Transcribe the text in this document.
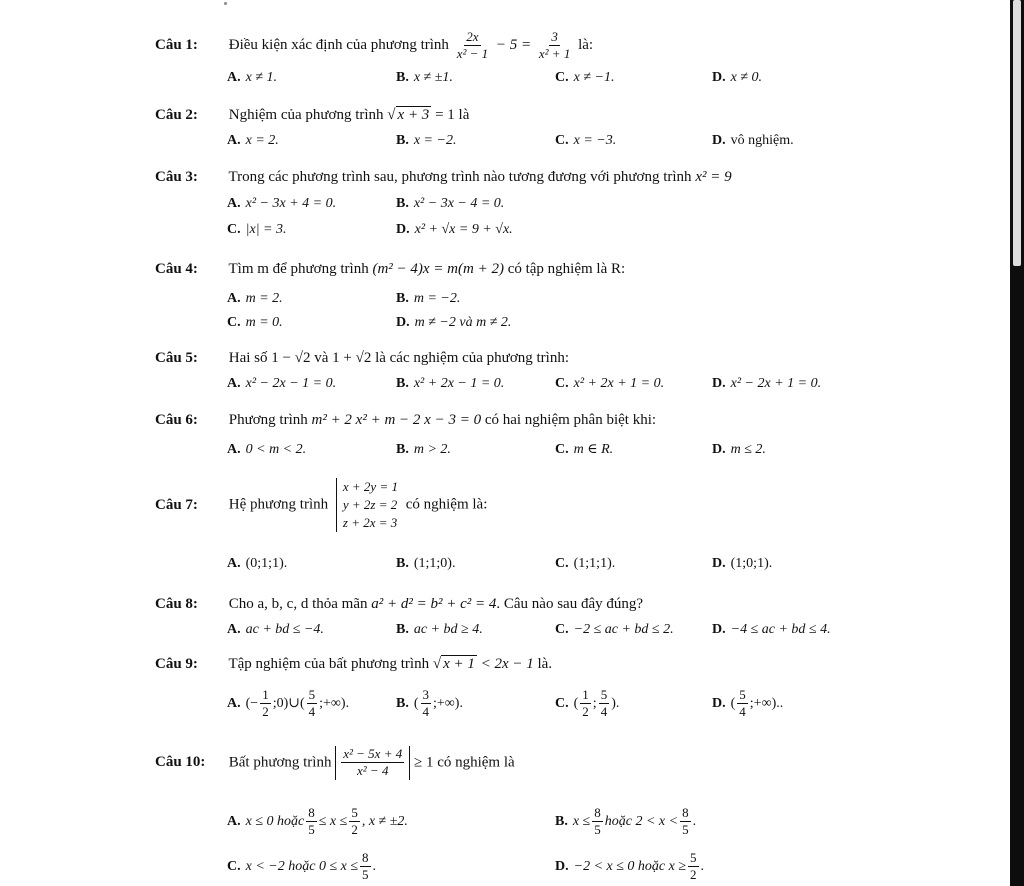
Câu 1: Điều kiện xác định của phương trình $\frac{2x}{\text{x² − 1}} - 5 = \frac{3}{\text{x² + 1}}$ là:
A. x ≠ 1.	B. x ≠ ±1.	C. x ≠ −1.	D. x ≠ 0.
Câu 2: Nghiệm của phương trình √ x + 3 = 1 là
A. x = 2.	B. x = −2.	C. x = −3.	D. vô nghiệm.
Câu 3: Trong các phương trình sau, phương trình nào tương đương với phương trình x² = 9
A. x² − 3x + 4 = 0.	B. x² − 3x − 4 = 0.
C. |x| = 3.	D. x² + √x = 9 + √x.
Câu 4: Tìm m để phương trình (m² − 4)x = m(m + 2) có tập nghiệm là R:
A. m = 2.	B. m = −2.
C. m = 0.	D. m ≠ −2 và m ≠ 2.
Câu 5: Hai số 1 − √2 và 1 + √2 là các nghiệm của phương trình:
A. x² − 2x − 1 = 0.	B. x² + 2x − 1 = 0.	C. x² + 2x + 1 = 0.	D. x² − 2x + 1 = 0.
Câu 6: Phương trình m² + 2 x² + m − 2 x − 3 = 0 có hai nghiệm phân biệt khi:
A. 0 < m < 2.	B. m > 2.	C. m ∈ R.	D. m ≤ 2.
Câu 7: Hệ phương trình
x + 2y = 1
y + 2z = 2
z + 2x = 3
có nghiệm là:
A. (0;1;1).	B. (1;1;0).	C. (1;1;1).	D. (1;0;1).
Câu 8: Cho a, b, c, d thỏa mãn a² + d² = b² + c² = 4. Câu nào sau đây đúng?
A. ac + bd ≤ −4.	B. ac + bd ≥ 4.	C. −2 ≤ ac + bd ≤ 2.	D. −4 ≤ ac + bd ≤ 4.
Câu 9: Tập nghiệm của bất phương trình √ x + 1 < 2x − 1 là.
A. (− $\frac{1}{2}$ ;0)∪( $\frac{5}{4}$ ;+∞).	B. ( $\frac{3}{4}$ ;+∞).	C. ( $\frac{1}{2}$ ; $\frac{5}{4}$ ).	D. ( $\frac{5}{4}$ ;+∞)..
Câu 10: Bất phương trình $\frac{\text{x² − 5x + 4}}{\text{x² − 4}} \ge 1$ có nghiệm là
A. x ≤ 0 hoặc $\frac{8}{5} \le x \le \frac{5}{2}$ , x ≠ ±2.	B. $x \le \frac{8}{5}$ hoặc $2 < x < \frac{8}{5}$ .
C. x < −2 hoặc $0 \le x \le \frac{8}{5}$ .	D. −2 < x ≤ 0 hoặc $x \ge \frac{5}{2}$ .
